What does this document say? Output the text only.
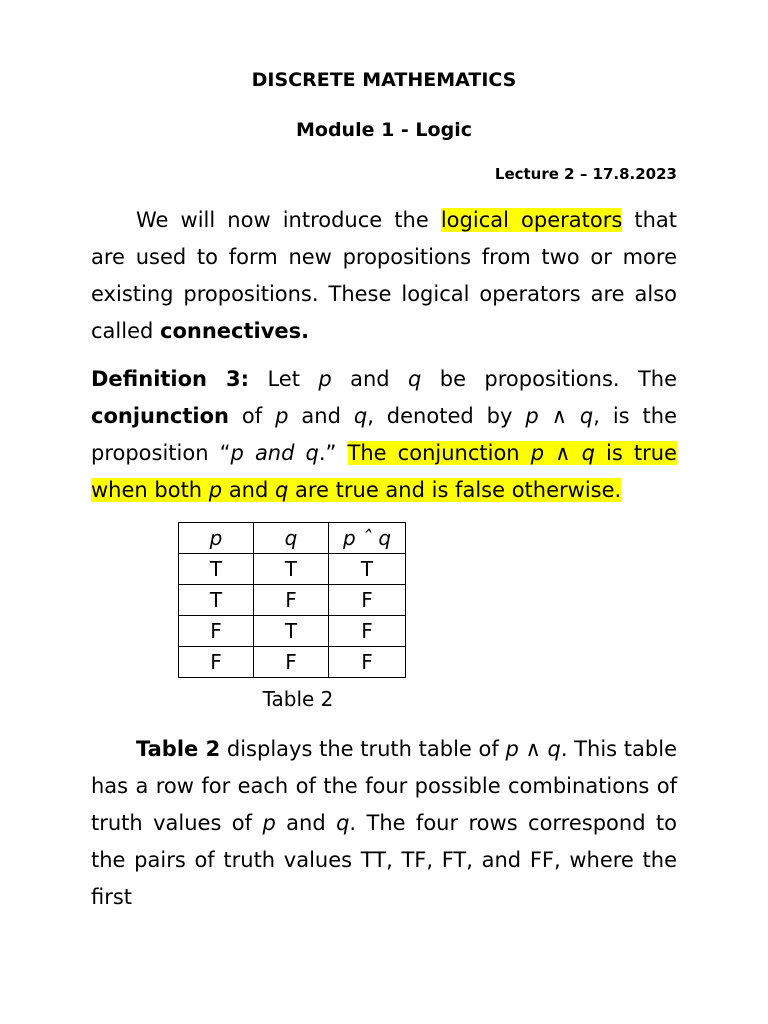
DISCRETE MATHEMATICS
Module 1 - Logic
Lecture 2 – 17.8.2023
We will now introduce the logical operators that are used to form new propositions from two or more existing propositions. These logical operators are also called connectives.
Definition 3: Let p and q be propositions. The conjunction of p and q, denoted by p ∧ q, is the proposition “p and q.” The conjunction p ∧ q is true when both p and q are true and is false otherwise.
p	q	p ˆ q
T	T	T
T	F	F
F	T	F
F	F	F
Table 2
Table 2 displays the truth table of p ∧ q. This table has a row for each of the four possible combinations of truth values of p and q. The four rows correspond to the pairs of truth values TT, TF, FT, and FF, where the first
